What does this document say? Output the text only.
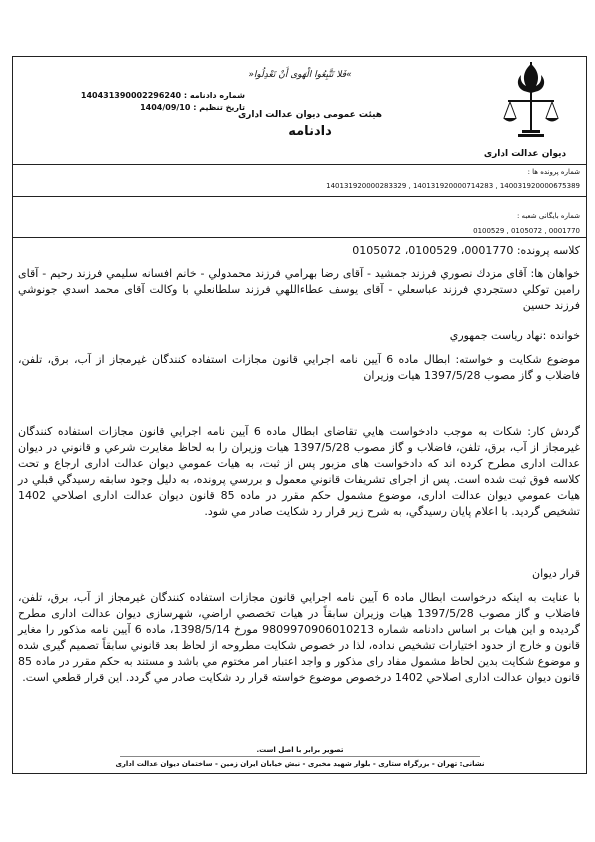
»فَلا تَتَّبِعُوا الْهَوى أَنْ تَعْدِلُوا«
شماره دادنامه : 140431390002296240
تاریخ تنظیم : 1404/09/10
هیئت عمومی دیوان عدالت اداری
دادنامه
دیوان عدالت اداری
شماره پرونده ها :
140131920000283329 , 140131920000714283 , 140031920000675389
شماره بایگانی شعبه :
0100529 , 0105072 , 0001770
کلاسه پرونده: 0001770، 0100529، 0105072
خواهان ها: آقای مزدك نصوري فرزند جمشید - آقای رضا بهرامي فرزند محمدولي - خانم افسانه سلیمي فرزند رحیم - آقای رامین توكلي دستجردي فرزند عباسعلي - آقای یوسف عطاءاللهي فرزند سلطانعلي با وكالت آقای محمد اسدي جونوشي فرزند حسین
خوانده :نهاد ریاست جمهوري
موضوع شکایت و خواسته: ابطال ماده 6 آیین نامه اجرایي قانون مجازات استفاده كنندگان غیرمجاز از آب، برق، تلفن، فاضلاب و گاز مصوب 1397/5/28 هیات وزیران
گردش كار: شكات به موجب دادخواست هایي تقاضای ابطال ماده 6 آیین نامه اجرایي قانون مجازات استفاده كنندگان غیرمجاز از آب، برق، تلفن، فاضلاب و گاز مصوب 1397/5/28 هیات وزیران را به لحاظ مغایرت شرعي و قانوني در دیوان عدالت اداری مطرح كرده اند كه دادخواست های مزبور پس از ثبت، به هیات عمومي دیوان عدالت اداری ارجاع و تحت كلاسه فوق ثبت شده است. پس از اجرای تشریفات قانوني معمول و بررسي پرونده، به دلیل وجود سابقه رسیدگي قبلي در هیات عمومي دیوان عدالت اداری، موضوع مشمول حكم مقرر در ماده 85 قانون دیوان عدالت اداری اصلاحي 1402 تشخیص گردید. با اعلام پایان رسیدگي، به شرح زیر قرار رد شكایت صادر مي شود.
قرار دیوان
با عنایت به اینكه درخواست ابطال ماده 6 آیین نامه اجرایي قانون مجازات استفاده كنندگان غیرمجاز از آب، برق، تلفن، فاضلاب و گاز مصوب 1397/5/28 هیات وزیران سابقاً در هیات تخصصي اراضي، شهرسازی دیوان عدالت اداری مطرح گردیده و این هیات بر اساس دادنامه شماره 9809970906010213 مورخ 1398/5/14، ماده 6 آیین نامه مذكور را مغایر قانون و خارج از حدود اختیارات تشخیص نداده، لذا در خصوص شكایت مطروحه از لحاظ بعد قانوني سابقاً تصمیم گیری شده و موضوع شكایت بدین لحاظ مشمول مفاد رای مذكور و واجد اعتبار امر مختوم مي باشد و مستند به حكم مقرر در ماده 85 قانون دیوان عدالت اداری اصلاحي 1402 درخصوص موضوع خواسته قرار رد شكایت صادر مي گردد. این قرار قطعي است.
تصویر برابر با اصل است.
نشانی: تهران - بزرگراه ستاری - بلوار شهید مخبری - نبش خیابان ایران زمین - ساختمان دیوان عدالت اداری
